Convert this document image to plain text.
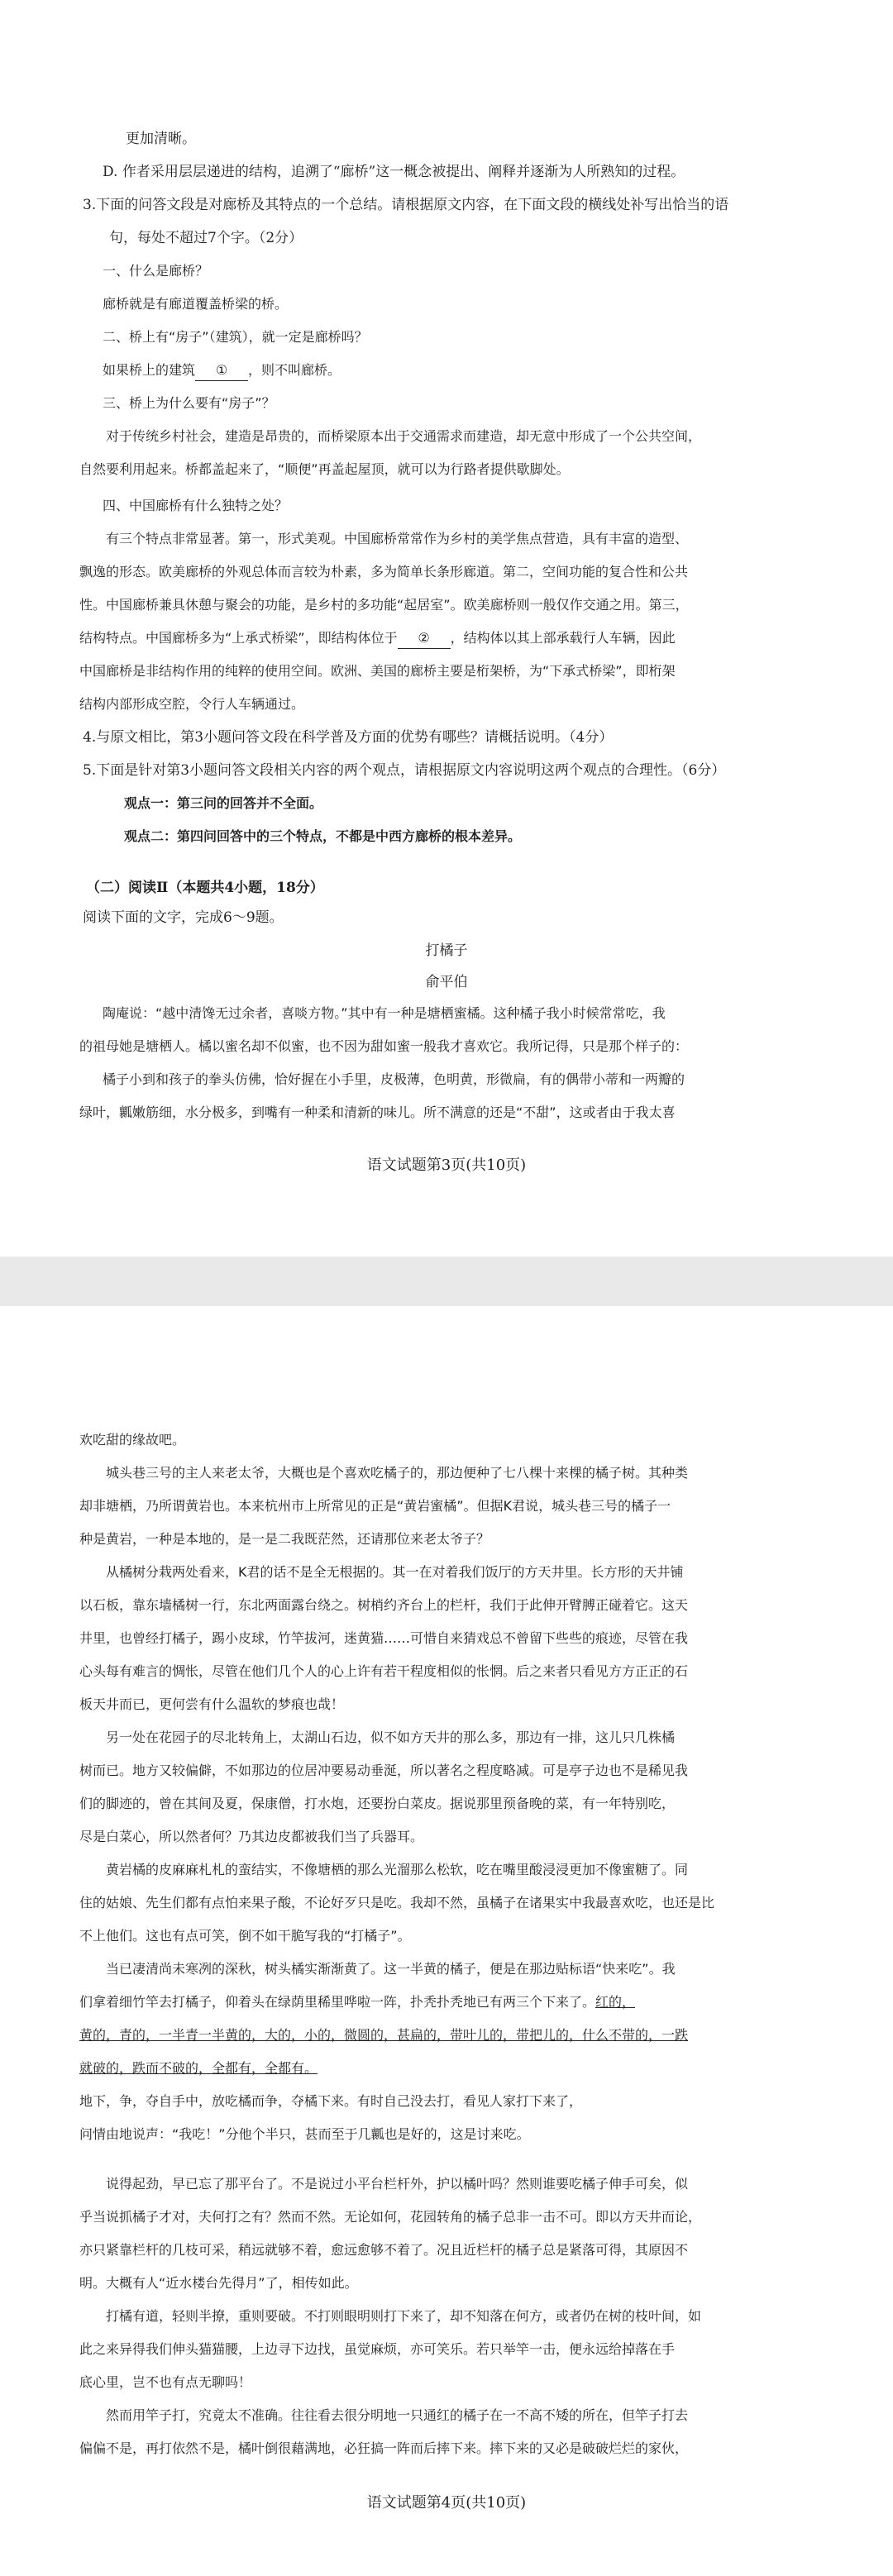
更加清晰。
D. 作者采用层层递进的结构，追溯了“廊桥”这一概念被提出、阐释并逐渐为人所熟知的过程。
3.下面的问答文段是对廊桥及其特点的一个总结。请根据原文内容，在下面文段的横线处补写出恰当的语
句，每处不超过7个字。（2分）
一、什么是廊桥？
廊桥就是有廊道覆盖桥梁的桥。
二、桥上有“房子”（建筑），就一定是廊桥吗？
如果桥上的建筑 ① ，则不叫廊桥。
三、桥上为什么要有“房子”？
对于传统乡村社会，建造是昂贵的，而桥梁原本出于交通需求而建造，却无意中形成了一个公共空间，
自然要利用起来。桥都盖起来了，“顺便”再盖起屋顶，就可以为行路者提供歇脚处。
四、中国廊桥有什么独特之处？
有三个特点非常显著。第一，形式美观。中国廊桥常常作为乡村的美学焦点营造，具有丰富的造型、
飘逸的形态。欧美廊桥的外观总体而言较为朴素，多为简单长条形廊道。第二，空间功能的复合性和公共
性。中国廊桥兼具休憩与聚会的功能，是乡村的多功能“起居室”。欧美廊桥则一般仅作交通之用。第三，
结构特点。中国廊桥多为“上承式桥梁”，即结构体位于 ② ，结构体以其上部承载行人车辆，因此
中国廊桥是非结构作用的纯粹的使用空间。欧洲、美国的廊桥主要是桁架桥，为“下承式桥梁”，即桁架
结构内部形成空腔，令行人车辆通过。
4.与原文相比，第3小题问答文段在科学普及方面的优势有哪些？请概括说明。（4分）
5.下面是针对第3小题问答文段相关内容的两个观点，请根据原文内容说明这两个观点的合理性。（6分）
观点一：第三问的回答并不全面。
观点二：第四问回答中的三个特点，不都是中西方廊桥的根本差异。
（二）阅读Ⅱ（本题共4小题，18分）
阅读下面的文字，完成6～9题。
打橘子
俞平伯
陶庵说：“越中清馋无过余者，喜啖方物。”其中有一种是塘栖蜜橘。这种橘子我小时候常常吃，我
的祖母她是塘栖人。橘以蜜名却不似蜜，也不因为甜如蜜一般我才喜欢它。我所记得，只是那个样子的：
橘子小到和孩子的拳头仿佛，恰好握在小手里，皮极薄，色明黄，形微扁，有的偶带小蒂和一两瓣的
绿叶，瓤嫩筋细，水分极多，到嘴有一种柔和清新的味儿。所不满意的还是“不甜”，这或者由于我太喜
语文试题第3页(共10页)
欢吃甜的缘故吧。
城头巷三号的主人来老太爷，大概也是个喜欢吃橘子的，那边便种了七八棵十来棵的橘子树。其种类
却非塘栖，乃所谓黄岩也。本来杭州市上所常见的正是“黄岩蜜橘”。但据K君说，城头巷三号的橘子一
种是黄岩，一种是本地的，是一是二我既茫然，还请那位来老太爷子？
从橘树分栽两处看来，K君的话不是全无根据的。其一在对着我们饭厅的方天井里。长方形的天井铺
以石板，靠东墙橘树一行，东北两面露台绕之。树梢约齐台上的栏杆，我们于此伸开臂膊正碰着它。这天
井里，也曾经打橘子，踢小皮球，竹竿拔河，迷黄猫……可惜自来猜戏总不曾留下些些的痕迹，尽管在我
心头每有难言的惆怅，尽管在他们几个人的心上许有若干程度相似的怅惘。后之来者只看见方方正正的石
板天井而已，更何尝有什么温软的梦痕也哉！
另一处在花园子的尽北转角上，太湖山石边，似不如方天井的那么多，那边有一排，这儿只几株橘
树而已。地方又较偏僻，不如那边的位居冲要易动垂涎，所以著名之程度略减。可是亭子边也不是稀见我
们的脚迹的，曾在其间及夏，保康僧，打水炮，还要扮白菜皮。据说那里预备晚的菜，有一年特别吃，
尽是白菜心，所以然者何？乃其边皮都被我们当了兵器耳。
黄岩橘的皮麻麻札札的蛮结实，不像塘栖的那么光溜那么松软，吃在嘴里酸浸浸更加不像蜜糖了。同
住的姑娘、先生们都有点怕来果子酸，不论好歹只是吃。我却不然，虽橘子在诸果实中我最喜欢吃，也还是比
不上他们。这也有点可笑，倒不如干脆写我的“打橘子”。
当已凄清尚未寒冽的深秋，树头橘实渐渐黄了。这一半黄的橘子，便是在那边贴标语“快来吃”。我
们拿着细竹竿去打橘子，仰着头在绿荫里稀里哗啦一阵，扑秃扑秃地已有两三个下来了。红的，
黄的，青的，一半青一半黄的，大的，小的，微圆的，甚扁的，带叶儿的，带把儿的，什么不带的，一跌
就破的，跌而不破的，全都有，全都有。
地下，争，夺自手中，放吃橘而争，夺橘下来。有时自己没去打，看见人家打下来了，
问情由地说声：“我吃！”分他个半只，甚而至于几瓤也是好的，这是讨来吃。
说得起劲，早已忘了那平台了。不是说过小平台栏杆外，护以橘叶吗？然则谁要吃橘子伸手可矣，似
乎当说抓橘子才对，夫何打之有？然而不然。无论如何，花园转角的橘子总非一击不可。即以方天井而论，
亦只紧靠栏杆的几枝可采，稍远就够不着，愈远愈够不着了。况且近栏杆的橘子总是紧落可得，其原因不
明。大概有人“近水楼台先得月”了，相传如此。
打橘有道，轻则半撩，重则要破。不打则眼明则打下来了，却不知落在何方，或者仍在树的枝叶间，如
此之来异得我们伸头猫猫腰，上边寻下边找，虽觉麻烦，亦可笑乐。若只举竿一击，便永远给掉落在手
底心里，岂不也有点无聊吗！
然而用竿子打，究竟太不准确。往往看去很分明地一只通红的橘子在一不高不矮的所在，但竿子打去
偏偏不是，再打依然不是，橘叶倒很藉满地，必狂搞一阵而后摔下来。摔下来的又必是破破烂烂的家伙，
语文试题第4页(共10页)
